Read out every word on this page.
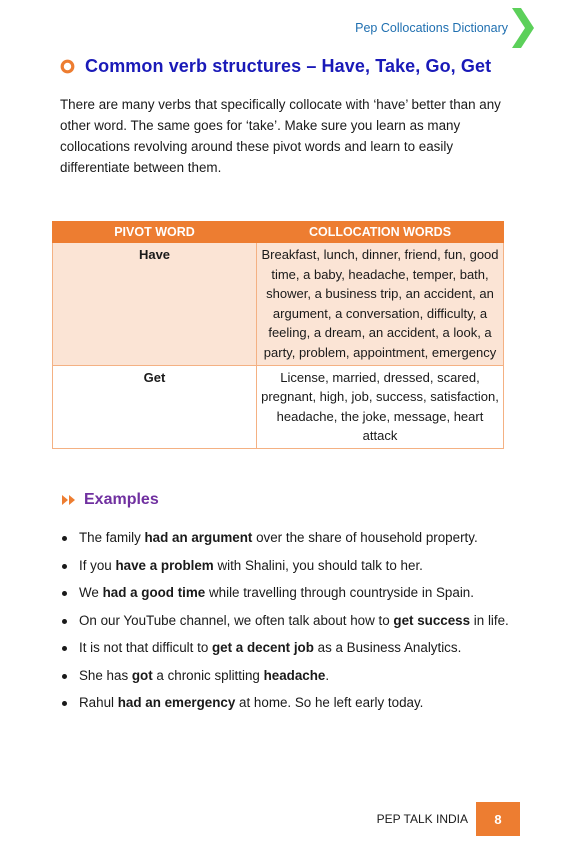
Pep Collocations Dictionary
Common verb structures – Have, Take, Go, Get

There are many verbs that specifically collocate with ‘have’ better than any other word. The same goes for ‘take’. Make sure you learn as many collocations revolving around these pivot words and learn to easily differentiate between them.

PIVOT WORD	COLLOCATION WORDS
Have	Breakfast, lunch, dinner, friend, fun, good time, a baby, headache, temper, bath, shower, a business trip, an accident, an argument, a conversation, difficulty, a feeling, a dream, an accident, a look, a party, problem, appointment, emergency
Get	License, married, dressed, scared, pregnant, high, job, success, satisfaction, headache, the joke, message, heart attack
Examples
The family had an argument over the share of household property.
If you have a problem with Shalini, you should talk to her.
We had a good time while travelling through countryside in Spain.
On our YouTube channel, we often talk about how to get success in life.
It is not that difficult to get a decent job as a Business Analytics.
She has got a chronic splitting headache.
Rahul had an emergency at home. So he left early today.
PEP TALK INDIA	8
